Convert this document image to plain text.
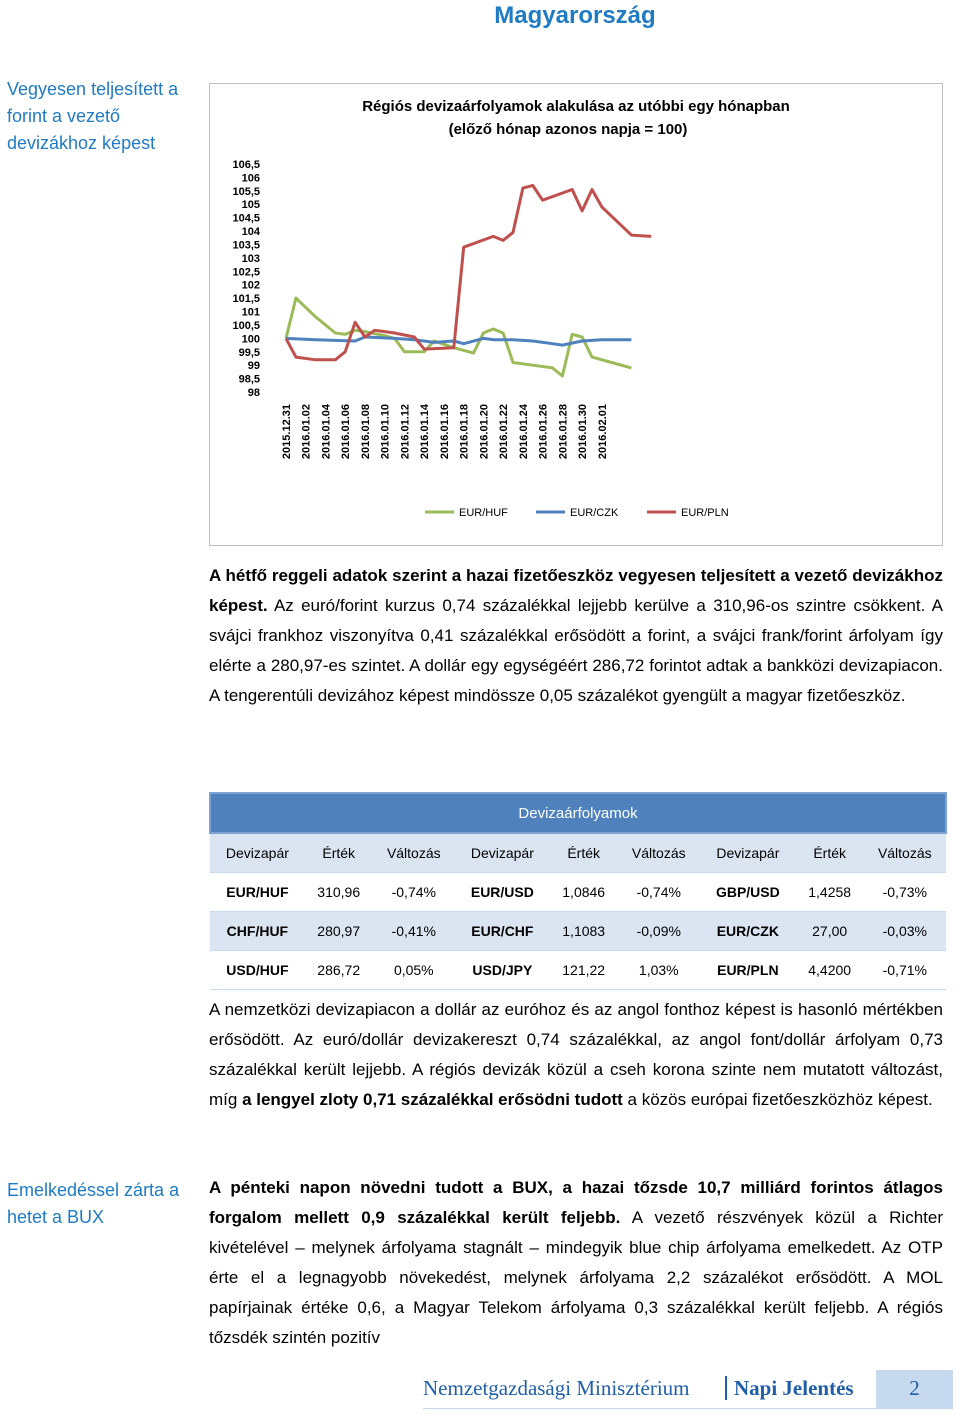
Magyarország
Vegyesen teljesített a forint a vezető devizákhoz képest
Régiós devizaárfolyamok alakulása az utóbbi egy hónapban
(előző hónap azonos napja = 100)
106,5
106
105,5
105
104,5
104
103,5
103
102,5
102
101,5
101
100,5
100
99,5
99
98,5
98
2015.12.31 2016.01.02 2016.01.04 2016.01.06 2016.01.08 2016.01.10 2016.01.12 2016.01.14 2016.01.16 2016.01.18 2016.01.20 2016.01.22 2016.01.24 2016.01.26 2016.01.28 2016.01.30 2016.02.01
EUR/HUF	EUR/CZK	EUR/PLN
A hétfő reggeli adatok szerint a hazai fizetőeszköz vegyesen teljesített a vezető devizákhoz képest. Az euró/forint kurzus 0,74 százalékkal lejjebb kerülve a 310,96-os szintre csökkent. A svájci frankhoz viszonyítva 0,41 százalékkal erősödött a forint, a svájci frank/forint árfolyam így elérte a 280,97-es szintet. A dollár egy egységéért 286,72 forintot adtak a bankközi devizapiacon. A tengerentúli devizához képest mindössze 0,05 százalékot gyengült a magyar fizetőeszköz.
Devizaárfolyamok								
Devizapár	Érték	Változás	Devizapár	Érték	Változás	Devizapár	Érték	Változás
EUR/HUF	310,96	-0,74%	EUR/USD	1,0846	-0,74%	GBP/USD	1,4258	-0,73%
CHF/HUF	280,97	-0,41%	EUR/CHF	1,1083	-0,09%	EUR/CZK	27,00	-0,03%
USD/HUF	286,72	0,05%	USD/JPY	121,22	1,03%	EUR/PLN	4,4200	-0,71%
A nemzetközi devizapiacon a dollár az euróhoz és az angol fonthoz képest is hasonló mértékben erősödött. Az euró/dollár devizakereszt 0,74 százalékkal, az angol font/dollár árfolyam 0,73 százalékkal került lejjebb. A régiós devizák közül a cseh korona szinte nem mutatott változást, míg a lengyel zloty 0,71 százalékkal erősödni tudott a közös európai fizetőeszközhöz képest.
Emelkedéssel zárta a hetet a BUX
A pénteki napon növedni tudott a BUX, a hazai tőzsde 10,7 milliárd forintos átlagos forgalom mellett 0,9 százalékkal került feljebb. A vezető részvények közül a Richter kivételével – melynek árfolyama stagnált – mindegyik blue chip árfolyama emelkedett. Az OTP érte el a legnagyobb növekedést, melynek árfolyama 2,2 százalékot erősödött. A MOL papírjainak értéke 0,6, a Magyar Telekom árfolyama 0,3 százalékkal került feljebb. A régiós tőzsdék szintén pozitív
Nemzetgazdasági Minisztérium Napi Jelentés	2
